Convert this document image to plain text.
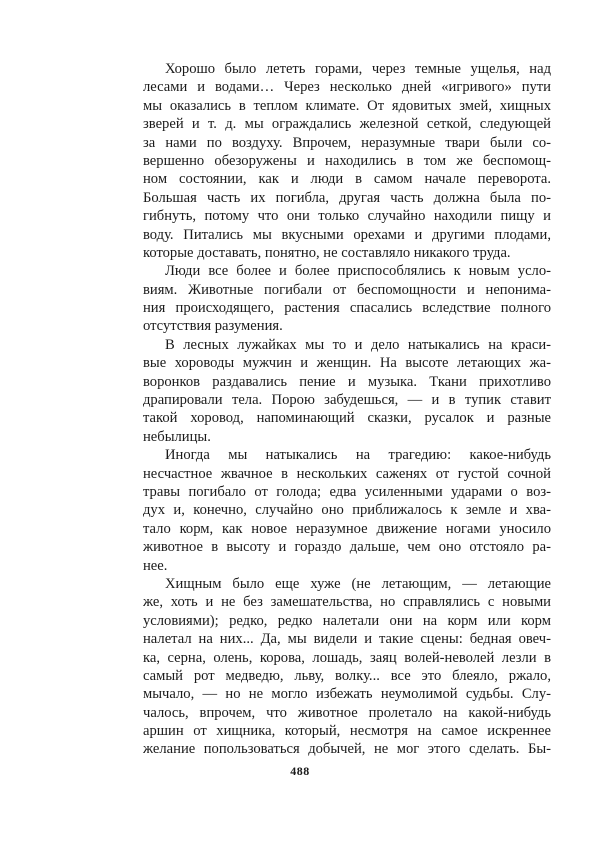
Хорошо было лететь горами, через темные ущелья, над
лесами и водами… Через несколько дней «игривого» пути
мы оказались в теплом климате. От ядовитых змей, хищных
зверей и т. д. мы ограждались железной сеткой, следующей
за нами по воздуху. Впрочем, неразумные твари были со-
вершенно обезоружены и находились в том же беспомощ-
ном состоянии, как и люди в самом начале переворота.
Большая часть их погибла, другая часть должна была по-
гибнуть, потому что они только случайно находили пищу и
воду. Питались мы вкусными орехами и другими плодами,
которые доставать, понятно, не составляло никакого труда.
Люди все более и более приспособлялись к новым усло-
виям. Животные погибали от беспомощности и непонима-
ния происходящего, растения спасались вследствие полного
отсутствия разумения.
В лесных лужайках мы то и дело натыкались на краси-
вые хороводы мужчин и женщин. На высоте летающих жа-
воронков раздавались пение и музыка. Ткани прихотливо
драпировали тела. Порою забудешься, — и в тупик ставит
такой хоровод, напоминающий сказки, русалок и разные
небылицы.
Иногда мы натыкались на трагедию: какое-нибудь
несчастное жвачное в нескольких саженях от густой сочной
травы погибало от голода; едва усиленными ударами о воз-
дух и, конечно, случайно оно приближалось к земле и хва-
тало корм, как новое неразумное движение ногами уносило
животное в высоту и гораздо дальше, чем оно отстояло ра-
нее.
Хищным было еще хуже (не летающим, — летающие
же, хоть и не без замешательства, но справлялись с новыми
условиями); редко, редко налетали они на корм или корм
налетал на них... Да, мы видели и такие сцены: бедная овеч-
ка, серна, олень, корова, лошадь, заяц волей-неволей лезли в
самый рот медведю, льву, волку... все это блеяло, ржало,
мычало, — но не могло избежать неумолимой судьбы. Слу-
чалось, впрочем, что животное пролетало на какой-нибудь
аршин от хищника, который, несмотря на самое искреннее
желание попользоваться добычей, не мог этого сделать. Бы-
488
